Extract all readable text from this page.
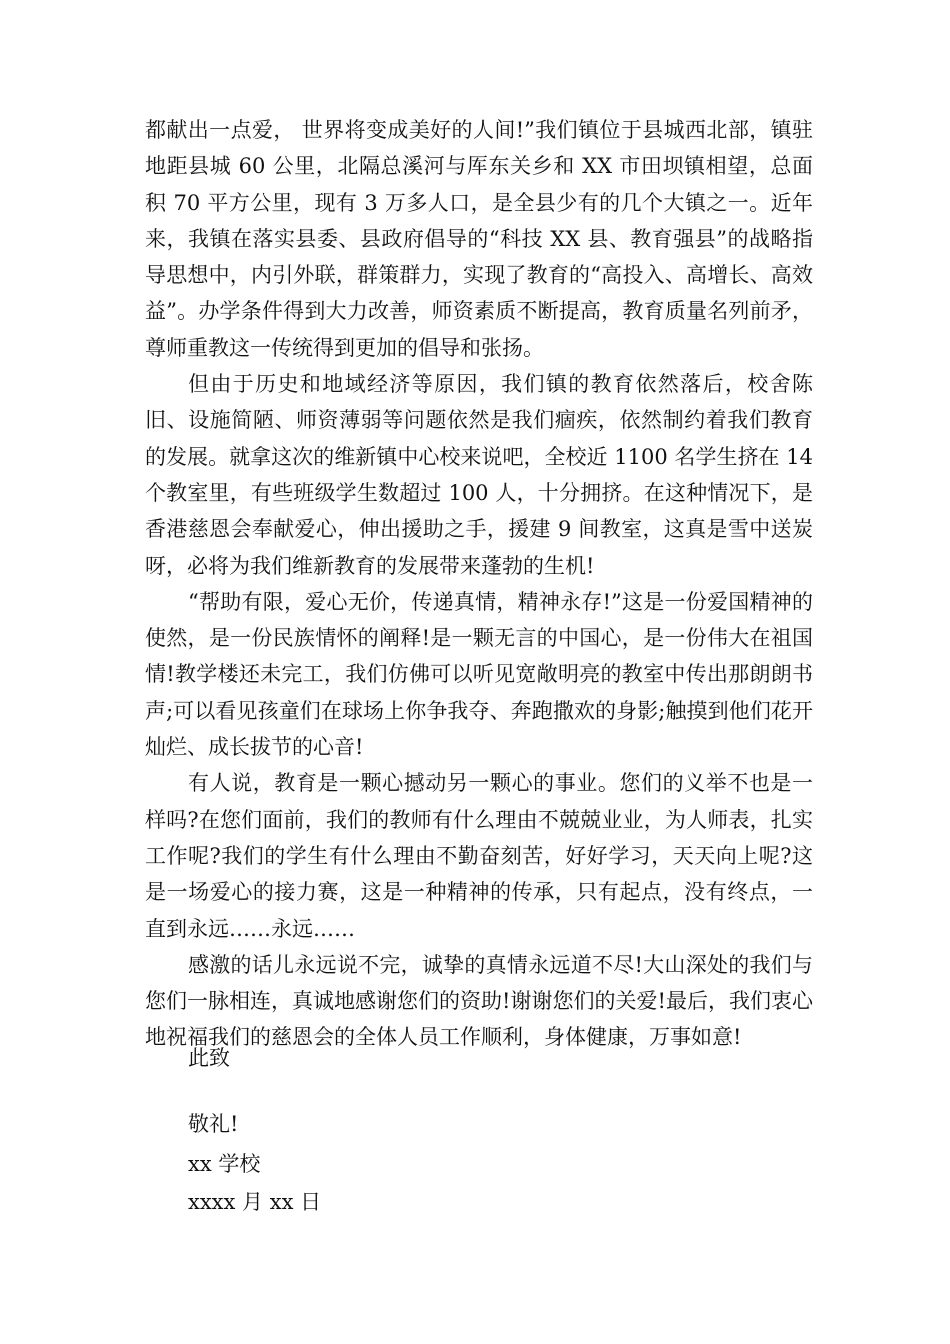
都献出一点爱， 世界将变成美好的人间!”我们镇位于县城西北部，镇驻地距县城 60 公里，北隔总溪河与厍东关乡和 XX 市田坝镇相望，总面积 70 平方公里，现有 3 万多人口，是全县少有的几个大镇之一。近年来，我镇在落实县委、县政府倡导的“科技 XX 县、教育强县”的战略指导思想中，内引外联，群策群力，实现了教育的“高投入、高增长、高效益”。办学条件得到大力改善，师资素质不断提高，教育质量名列前矛，尊师重教这一传统得到更加的倡导和张扬。

但由于历史和地域经济等原因，我们镇的教育依然落后，校舍陈旧、设施简陋、师资薄弱等问题依然是我们痼疾，依然制约着我们教育的发展。就拿这次的维新镇中心校来说吧，全校近 1100 名学生挤在 14 个教室里，有些班级学生数超过 100 人，十分拥挤。在这种情况下，是香港慈恩会奉献爱心，伸出援助之手，援建 9 间教室，这真是雪中送炭呀，必将为我们维新教育的发展带来蓬勃的生机!

“帮助有限，爱心无价，传递真情，精神永存!”这是一份爱国精神的使然，是一份民族情怀的阐释!是一颗无言的中国心，是一份伟大在祖国情!教学楼还未完工，我们仿佛可以听见宽敞明亮的教室中传出那朗朗书声;可以看见孩童们在球场上你争我夺、奔跑撒欢的身影;触摸到他们花开灿烂、成长拔节的心音!

有人说，教育是一颗心撼动另一颗心的事业。您们的义举不也是一样吗?在您们面前，我们的教师有什么理由不兢兢业业，为人师表，扎实工作呢?我们的学生有什么理由不勤奋刻苦，好好学习，天天向上呢?这是一场爱心的接力赛，这是一种精神的传承，只有起点，没有终点，一直到永远……永远……

感激的话儿永远说不完，诚挚的真情永远道不尽!大山深处的我们与您们一脉相连，真诚地感谢您们的资助!谢谢您们的关爱!最后，我们衷心地祝福我们的慈恩会的全体人员工作顺利，身体健康，万事如意!

此致
敬礼!
xx 学校
xxxx 月 xx 日
